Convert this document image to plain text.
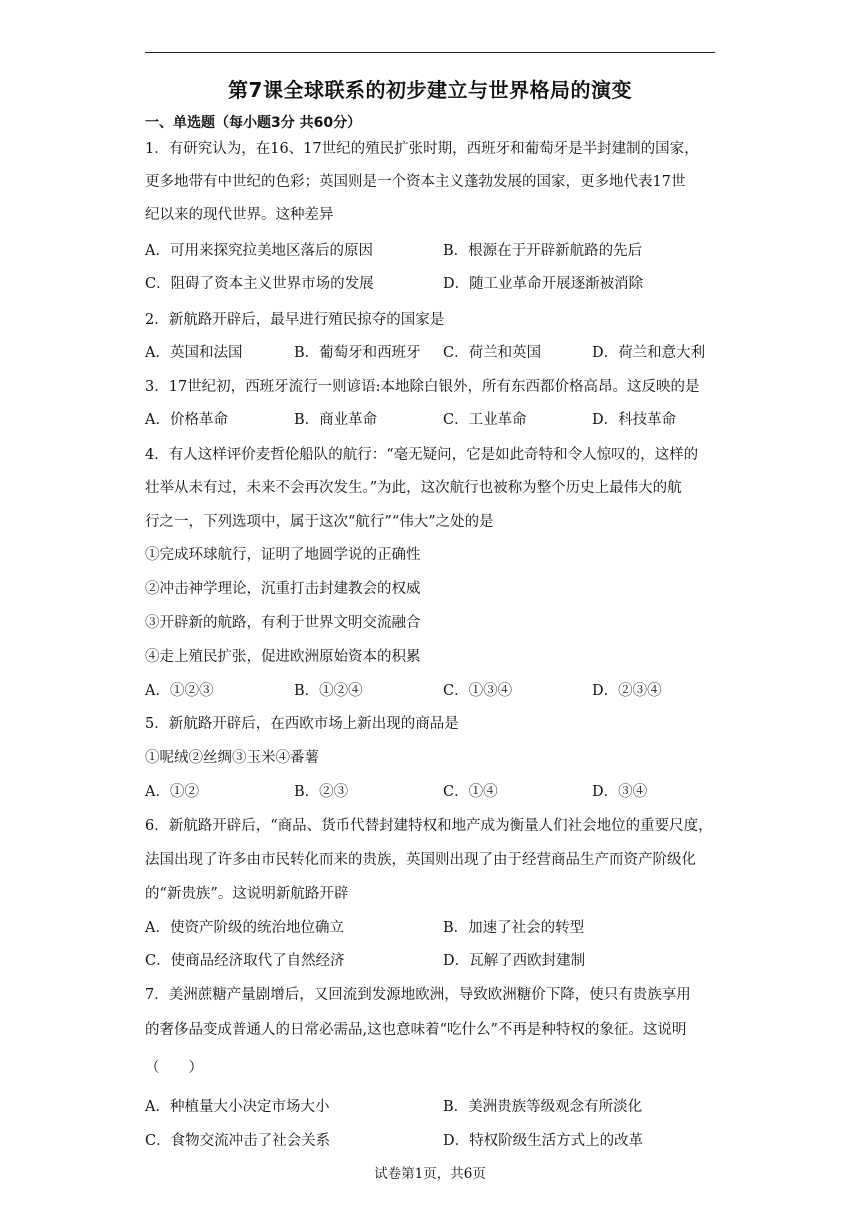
第7课全球联系的初步建立与世界格局的演变
一、单选题（每小题3分 共60分）
1．有研究认为，在16、17世纪的殖民扩张时期，西班牙和葡萄牙是半封建制的国家，
更多地带有中世纪的色彩；英国则是一个资本主义蓬勃发展的国家，更多地代表17世
纪以来的现代世界。这种差异
A．可用来探究拉美地区落后的原因	B．根源在于开辟新航路的先后
C．阻碍了资本主义世界市场的发展	D．随工业革命开展逐渐被消除
2．新航路开辟后，最早进行殖民掠夺的国家是
A．英国和法国	B．葡萄牙和西班牙 C．荷兰和英国	D．荷兰和意大利
3．17世纪初，西班牙流行一则谚语:本地除白银外，所有东西都价格高昂。这反映的是
A．价格革命	B．商业革命	C．工业革命	D．科技革命
4．有人这样评价麦哲伦船队的航行：“毫无疑问，它是如此奇特和令人惊叹的，这样的
壮举从未有过，未来不会再次发生。”为此，这次航行也被称为整个历史上最伟大的航
行之一，下列选项中，属于这次“航行”“伟大”之处的是
①完成环球航行，证明了地圆学说的正确性
②冲击神学理论，沉重打击封建教会的权威
③开辟新的航路，有利于世界文明交流融合
④走上殖民扩张，促进欧洲原始资本的积累
A．①②③	B．①②④	C．①③④	D．②③④
5．新航路开辟后，在西欧市场上新出现的商品是
①呢绒②丝绸③玉米④番薯
A．①②	B．②③	C．①④	D．③④
6．新航路开辟后，“商品、货币代替封建特权和地产成为衡量人们社会地位的重要尺度，
法国出现了许多由市民转化而来的贵族，英国则出现了由于经营商品生产而资产阶级化
的“新贵族”。这说明新航路开辟
A．使资产阶级的统治地位确立	B．加速了社会的转型
C．使商品经济取代了自然经济	D．瓦解了西欧封建制
7．美洲蔗糖产量剧增后，又回流到发源地欧洲，导致欧洲糖价下降，使只有贵族享用
的奢侈品变成普通人的日常必需品,这也意味着“吃什么”不再是种特权的象征。这说明
（　　）
A．种植量大小决定市场大小	B．美洲贵族等级观念有所淡化
C．食物交流冲击了社会关系	D．特权阶级生活方式上的改革
试卷第1页，共6页
